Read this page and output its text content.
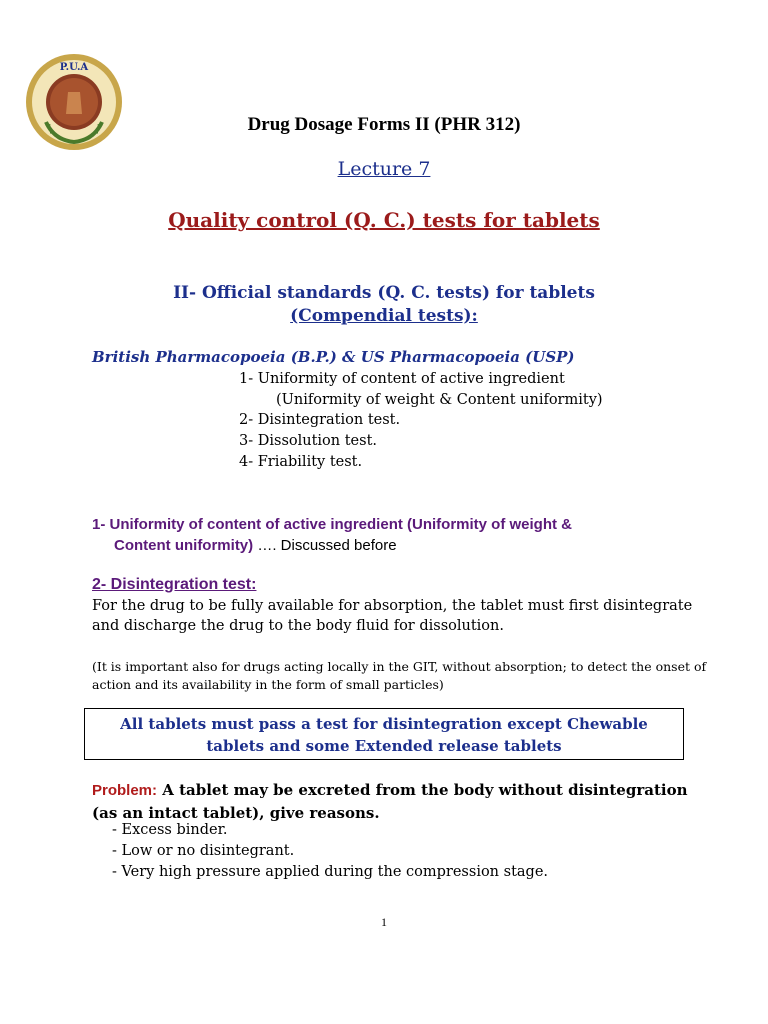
P.U.A
Drug Dosage Forms II (PHR 312)
Lecture 7
Quality control (Q. C.) tests for tablets
II- Official standards (Q. C. tests) for tablets
(Compendial tests):
British Pharmacopoeia (B.P.) & US Pharmacopoeia (USP)
1- Uniformity of content of active ingredient
(Uniformity of weight & Content uniformity)
2- Disintegration test.
3- Dissolution test.
4- Friability test.
1- Uniformity of content of active ingredient (Uniformity of weight &
Content uniformity) …. Discussed before
2- Disintegration test:
For the drug to be fully available for absorption, the tablet must first disintegrate and discharge the drug to the body fluid for dissolution.
(It is important also for drugs acting locally in the GIT, without absorption; to detect the onset of action and its availability in the form of small particles)
All tablets must pass a test for disintegration except Chewable
tablets and some Extended release tablets
Problem: A tablet may be excreted from the body without disintegration (as an intact tablet), give reasons.
- Excess binder.
- Low or no disintegrant.
- Very high pressure applied during the compression stage.
1
